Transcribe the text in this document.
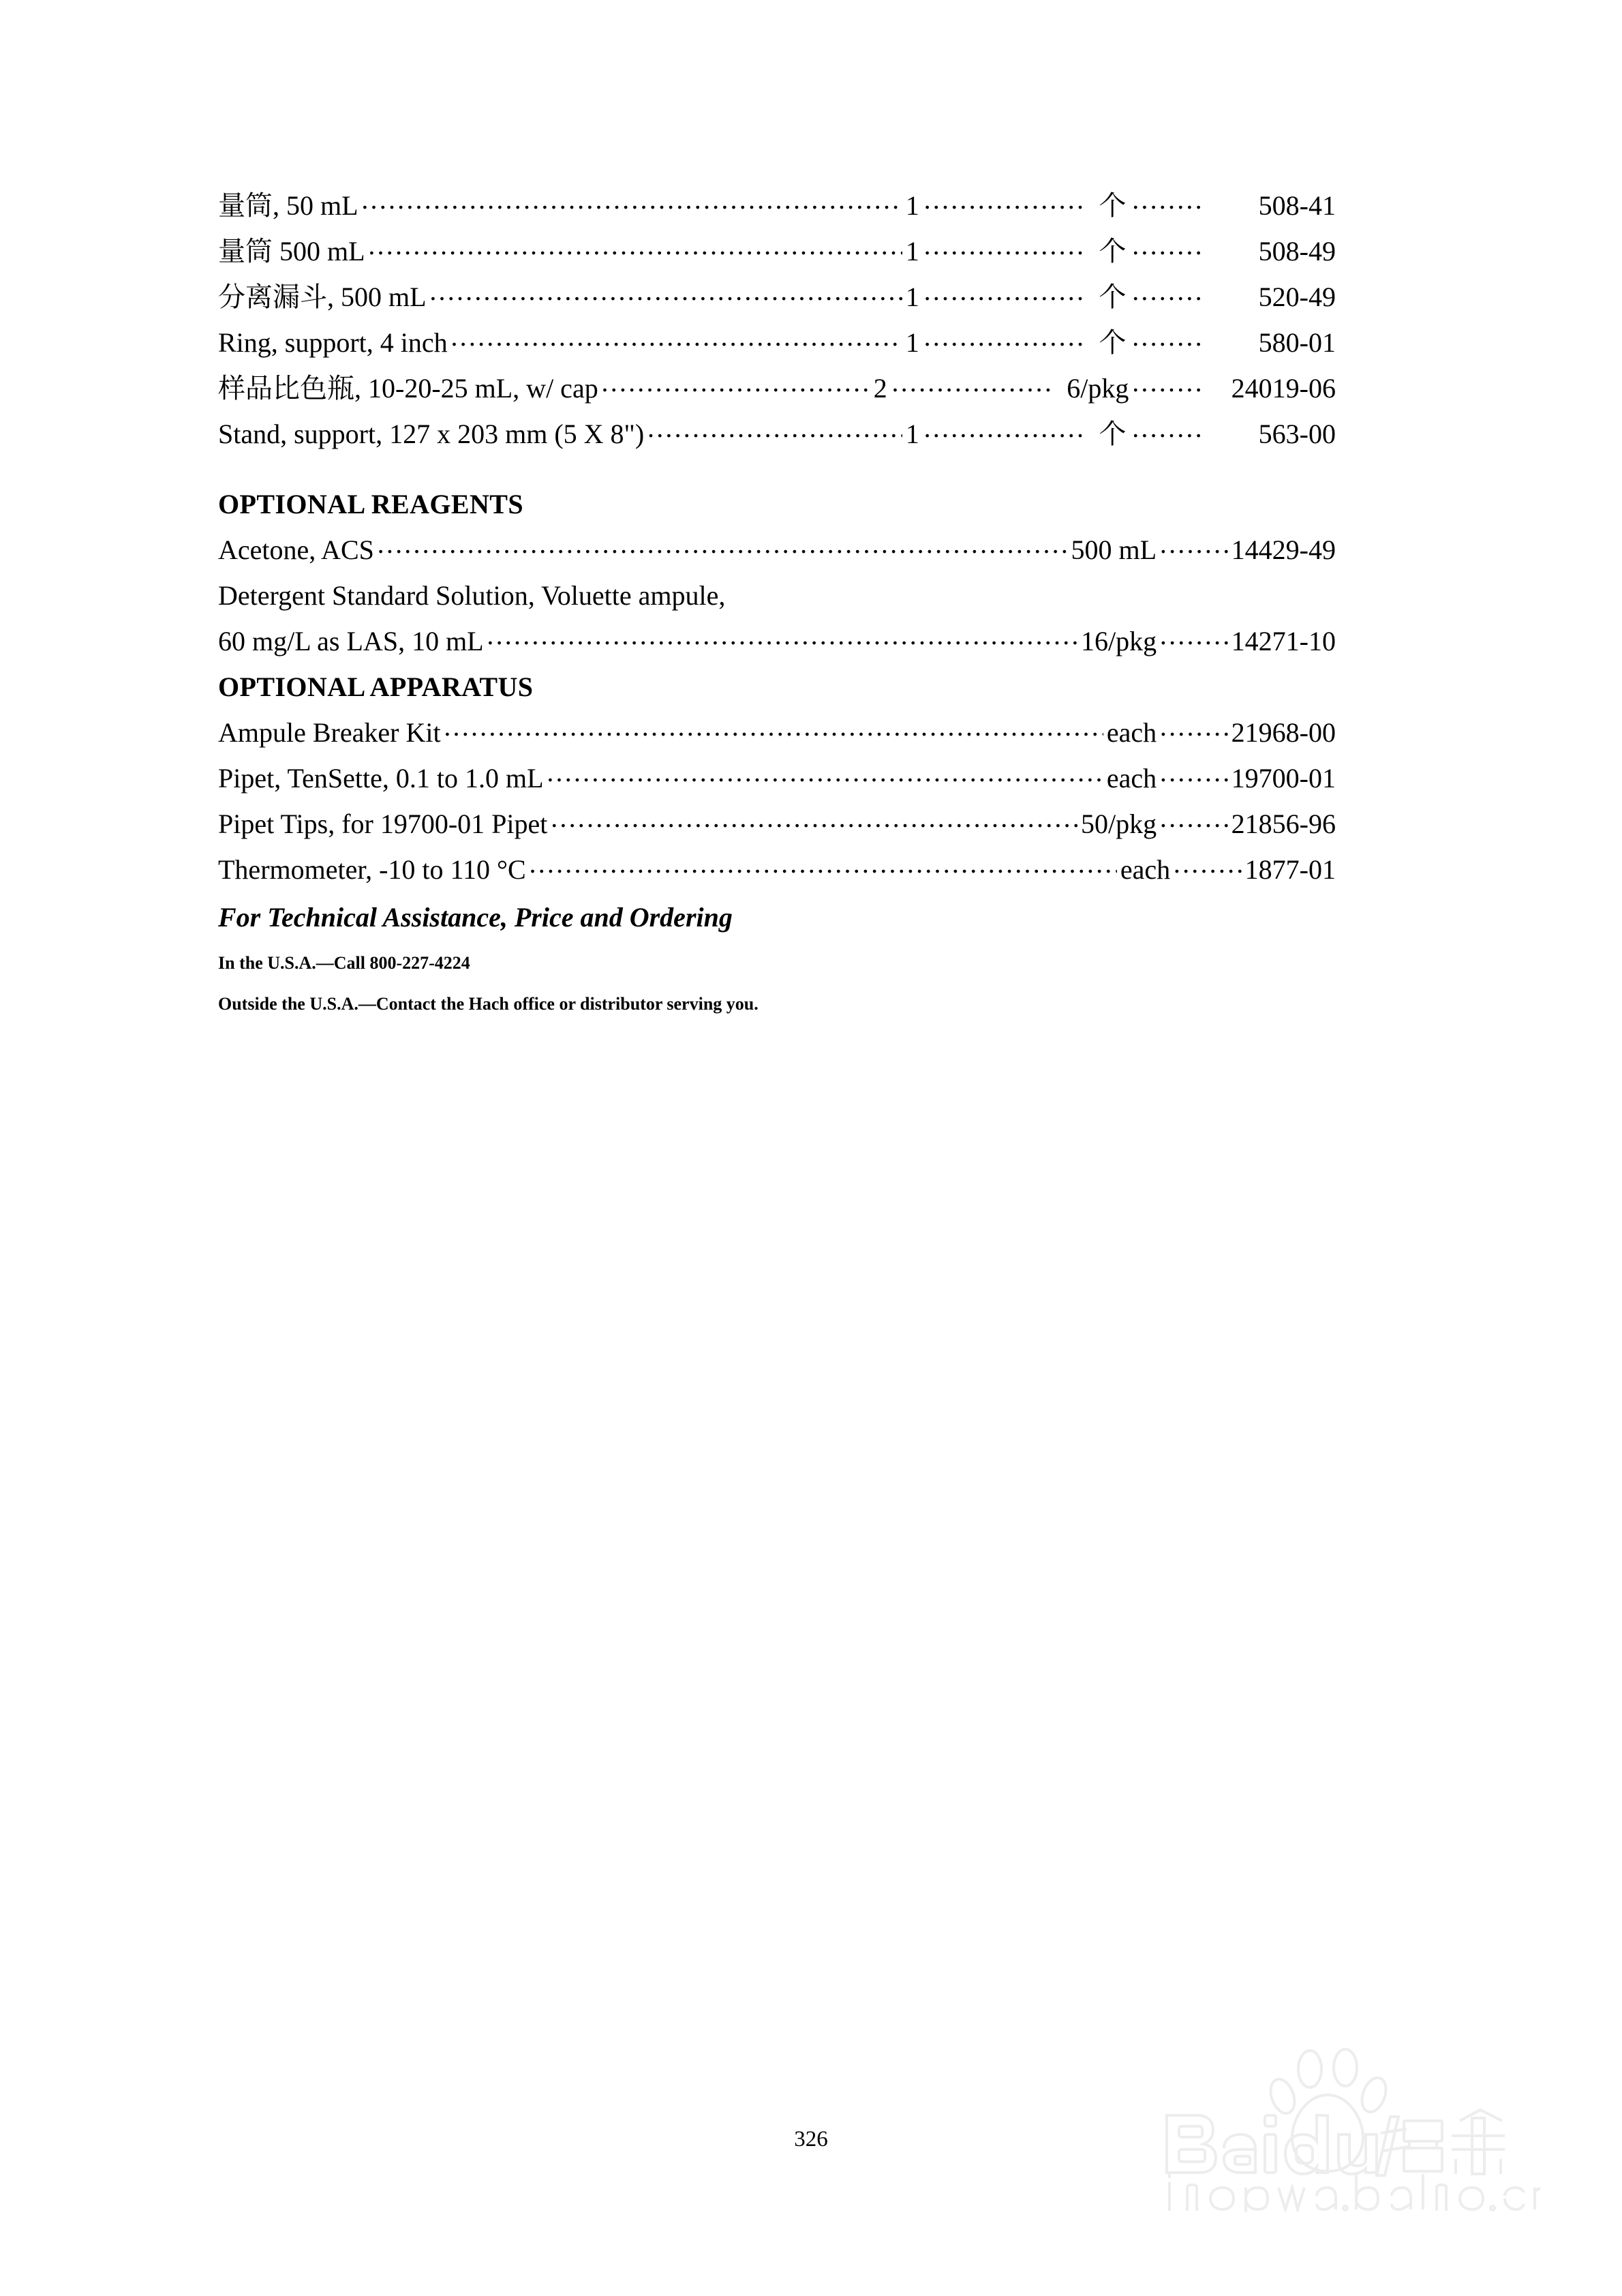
量筒, 50 mL .....	1 .....	个 .....	508-41
量筒 500 mL .....	1 .....	个 .....	508-49
分离漏斗, 500 mL .....	1 .....	个 .....	520-49
Ring, support, 4 inch .....	1 .....	个 .....	580-01
样品比色瓶, 10-20-25 mL, w/ cap .....	2 .....	6/pkg .....	24019-06
Stand, support, 127 x 203 mm (5 X 8") .....	1 .....	个 .....	563-00
OPTIONAL REAGENTS
Acetone, ACS .....	500 mL .....	14429-49
Detergent Standard Solution, Voluette ampule,
60 mg/L as LAS, 10 mL .....	16/pkg .....	14271-10
OPTIONAL APPARATUS
Ampule Breaker Kit .....	each .....	21968-00
Pipet, TenSette, 0.1 to 1.0 mL .....	each .....	19700-01
Pipet Tips, for 19700-01 Pipet .....	50/pkg .....	21856-96
Thermometer, -10 to 110 °C .....	each .....	1877-01
For Technical Assistance, Price and Ordering

In the U.S.A.—Call 800-227-4224

Outside the U.S.A.—Contact the Hach office or distributor serving you.

326
